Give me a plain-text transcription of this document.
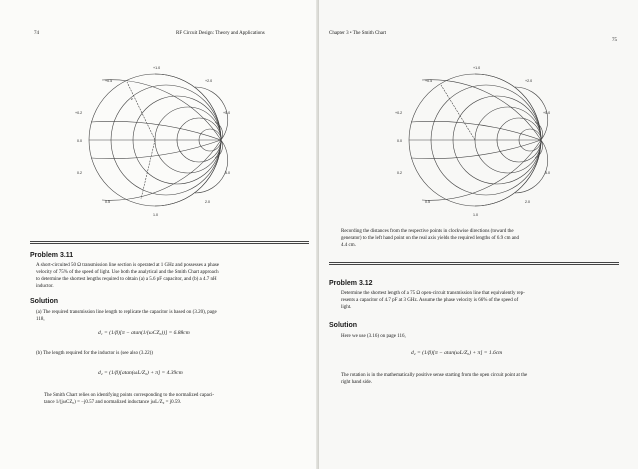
74	RF Circuit Design: Theory and Applications
+1.0
+0.5	+2.0
+0.2	+5.0
0.0
5.0
0.2
0.5	2.0
1.0
z
Problem 3.11
A short-circuited 50 Ω transmission line section is operated at 1 GHz and possesses a phase
velocity of 75% of the speed of light. Use both the analytical and the Smith Chart approach
to determine the shortest lengths required to obtain (a) a 5.6 pF capacitor, and (b) a 4.7 nH
inductor.
Solution
(a) The required transmission line length to replicate the capacitor is based on (3.20), page
118,
d₁ = (1/β)[π − atan(1/(ωCZ₀))] = 6.88cm
(b) The length required for the inductor is (see also (3.22))
d₂ = (1/β)[atan(ωL/Z₀) + π] = 4.39cm
The Smith Chart relies on identifying points corresponding to the normalized capaci-
tance 1/(jωCZ₀) = −j0.57 and normalized inductance jωL/Z₀ = j0.59.
Chapter 3 • The Smith Chart
75
+1.0
+0.5	+2.0
+0.2	+5.0
0.0
5.0
0.2
0.5	2.0
1.0
Recording the distances from the respective points in clockwise directions (toward the
generator) to the left hand point on the real axis yields the required lengths of 6.9 cm and
4.4 cm.
Problem 3.12
Determine the shortest length of a 75 Ω open-circuit transmission line that equivalently rep-
resents a capacitor of 4.7 pF at 3 GHz. Assume the phase velocity is 66% of the speed of
light.
Solution
Here we use (3.16) on page 116,
d₂ = (1/β)[π − atan(ωL/Z₀) + π] = 1.6cm
The rotation is in the mathematically positive sense starting from the open circuit point at the
right hand side.
